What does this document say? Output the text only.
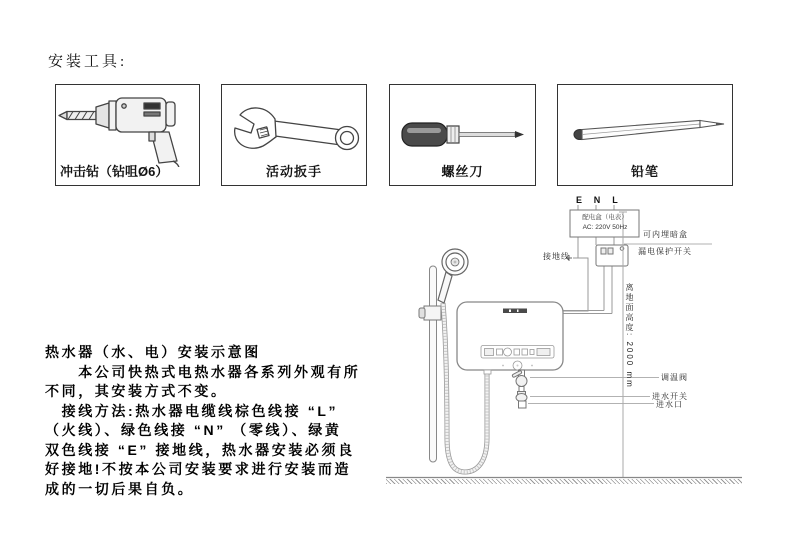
安装工具:
冲击钻（钻咀Ø6）	活动扳手	螺丝刀	铅笔
热水器（水、电）安装示意图
　　本公司快热式电热水器各系列外观有所
不同，其安装方式不变。
　接线方法:热水器电缆线棕色线接 “L”
（火线）、绿色线接 “N” （零线）、绿黄
双色线接 “E” 接地线，热水器安装必须良
好接地!不按本公司安装要求进行安装而造
成的一切后果自负。
E N L
配电盒（电表）
AC: 220V 50Hz
接地线
可内埋暗盒
漏电保护开关
离地面高度: 2000 mm	调温阀
进水开关
进水口
